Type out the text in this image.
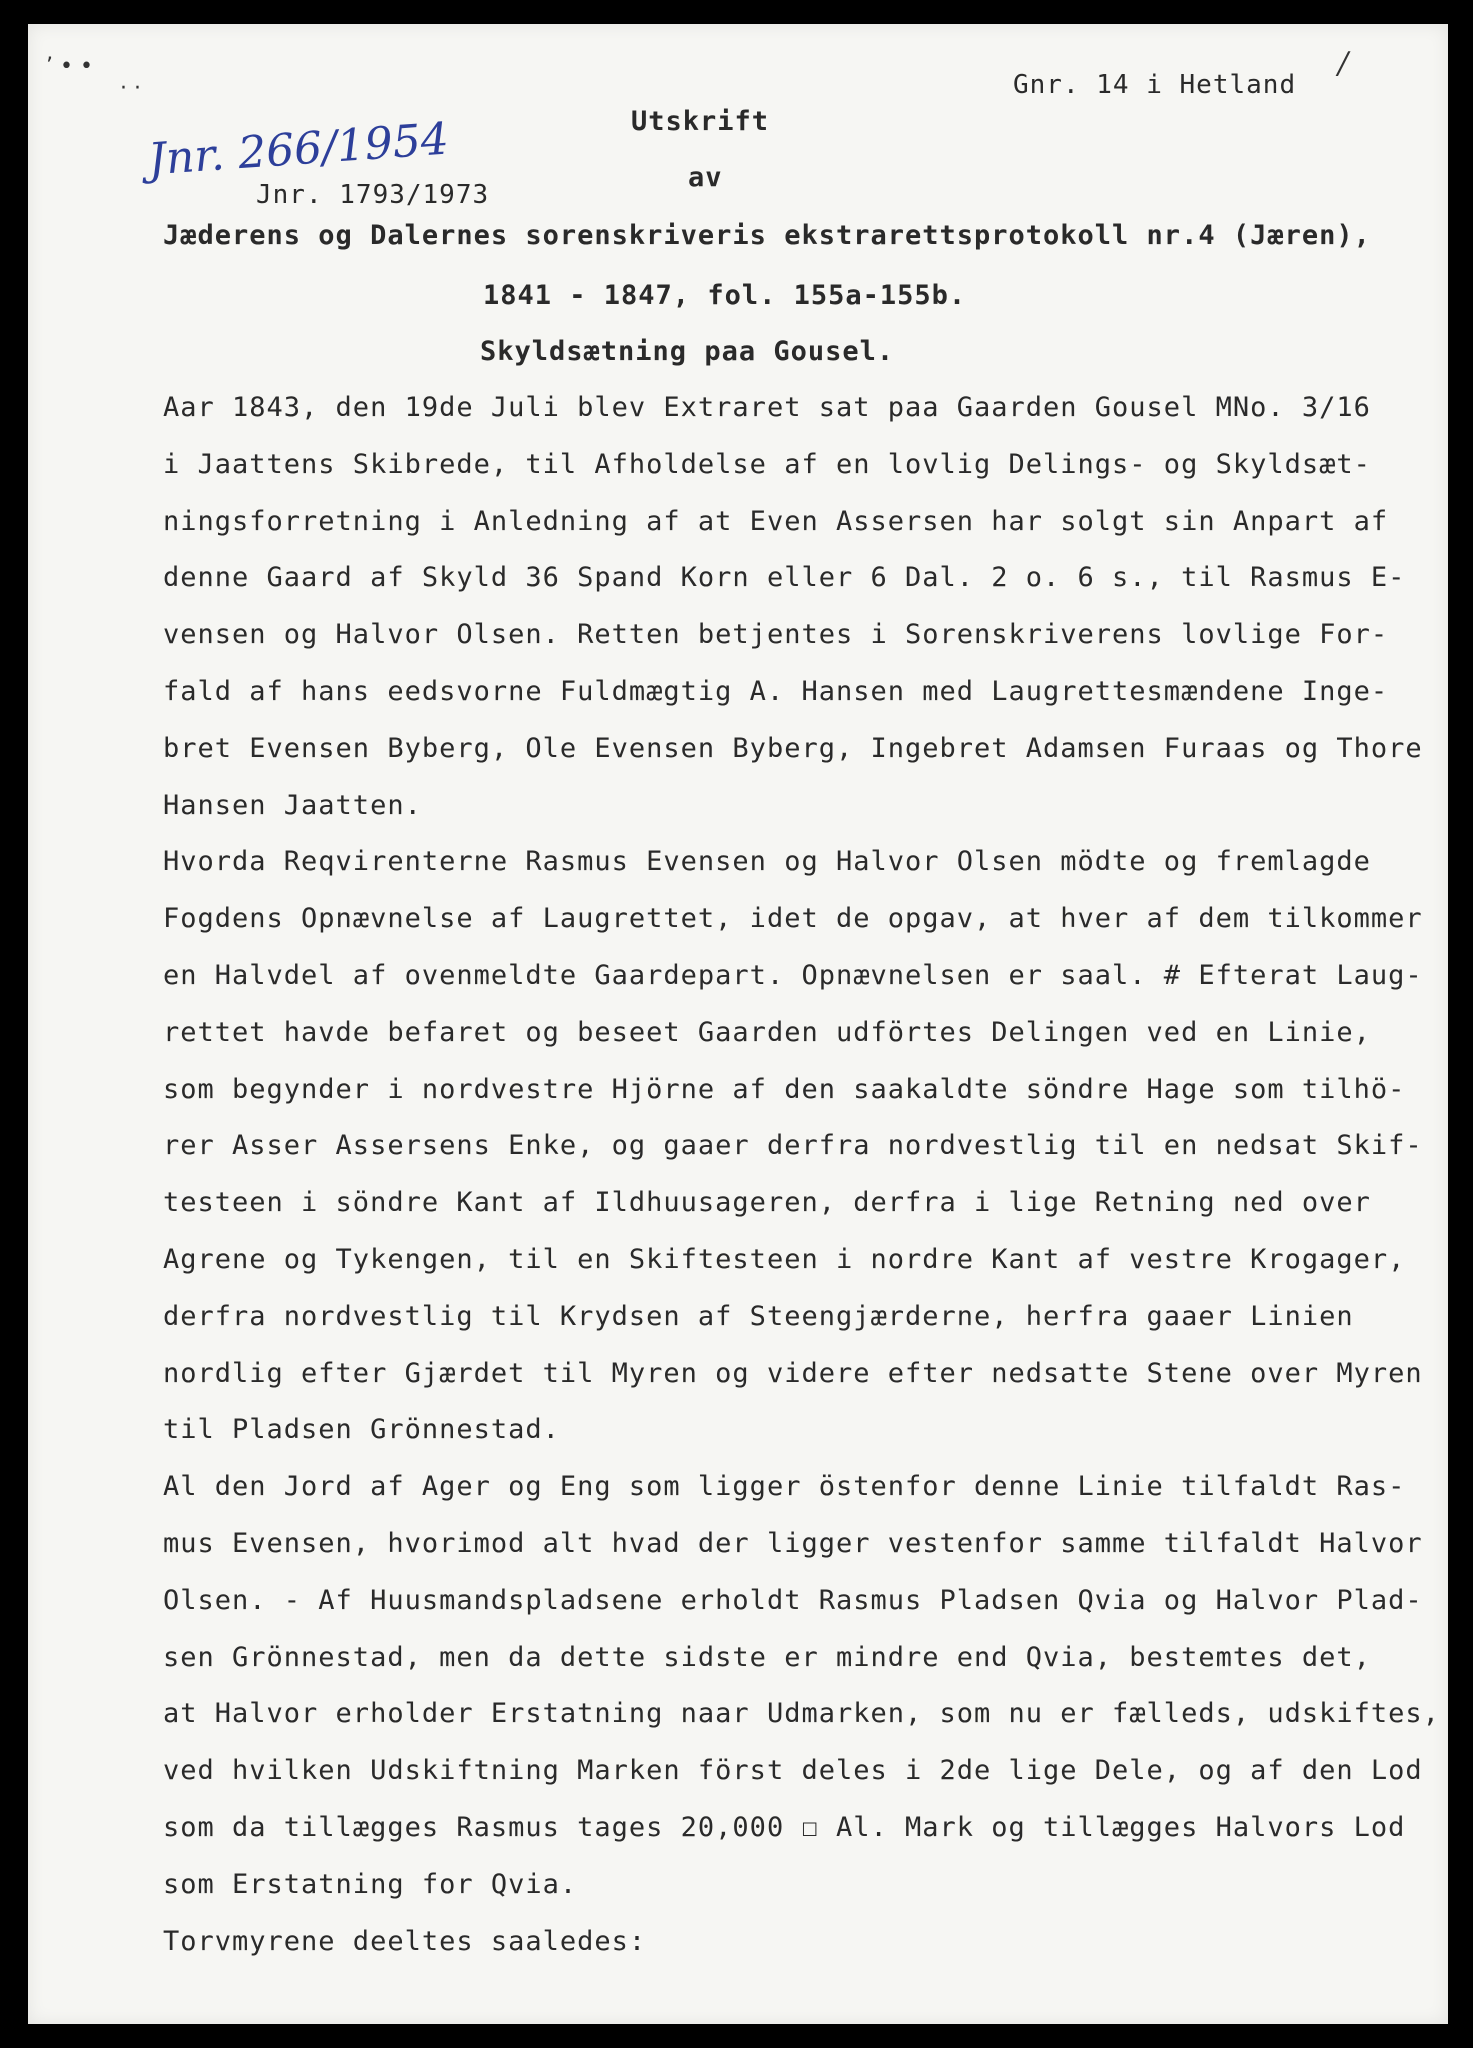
’ • •
· ·
/
Gnr. 14 i Hetland
Jnr. 266/1954
Jnr. 1793/1973
Utskrift
av
Jæderens og Dalernes sorenskriveris ekstrarettsprotokoll nr.4 (Jæren),
1841 - 1847, fol. 155a-155b.
Skyldsætning paa Gousel.
Aar 1843, den 19de Juli blev Extraret sat paa Gaarden Gousel MNo. 3/16
i Jaattens Skibrede, til Afholdelse af en lovlig Delings- og Skyldsæt-
ningsforretning i Anledning af at Even Assersen har solgt sin Anpart af
denne Gaard af Skyld 36 Spand Korn eller 6 Dal. 2 o. 6 s., til Rasmus E-
vensen og Halvor Olsen. Retten betjentes i Sorenskriverens lovlige For-
fald af hans eedsvorne Fuldmægtig A. Hansen med Laugrettesmændene Inge-
bret Evensen Byberg, Ole Evensen Byberg, Ingebret Adamsen Furaas og Thore
Hansen Jaatten.
Hvorda Reqvirenterne Rasmus Evensen og Halvor Olsen mödte og fremlagde
Fogdens Opnævnelse af Laugrettet, idet de opgav, at hver af dem tilkommer
en Halvdel af ovenmeldte Gaardepart. Opnævnelsen er saal. # Efterat Laug-
rettet havde befaret og beseet Gaarden udförtes Delingen ved en Linie,
som begynder i nordvestre Hjörne af den saakaldte söndre Hage som tilhö-
rer Asser Assersens Enke, og gaaer derfra nordvestlig til en nedsat Skif-
testeen i söndre Kant af Ildhuusageren, derfra i lige Retning ned over
Agrene og Tykengen, til en Skiftesteen i nordre Kant af vestre Krogager,
derfra nordvestlig til Krydsen af Steengjærderne, herfra gaaer Linien
nordlig efter Gjærdet til Myren og videre efter nedsatte Stene over Myren
til Pladsen Grönnestad.
Al den Jord af Ager og Eng som ligger östenfor denne Linie tilfaldt Ras-
mus Evensen, hvorimod alt hvad der ligger vestenfor samme tilfaldt Halvor
Olsen. - Af Huusmandspladsene erholdt Rasmus Pladsen Qvia og Halvor Plad-
sen Grönnestad, men da dette sidste er mindre end Qvia, bestemtes det,
at Halvor erholder Erstatning naar Udmarken, som nu er fælleds, udskiftes,
ved hvilken Udskiftning Marken först deles i 2de lige Dele, og af den Lod
som da tillægges Rasmus tages 20,000 ☐ Al. Mark og tillægges Halvors Lod
som Erstatning for Qvia.
Torvmyrene deeltes saaledes:
